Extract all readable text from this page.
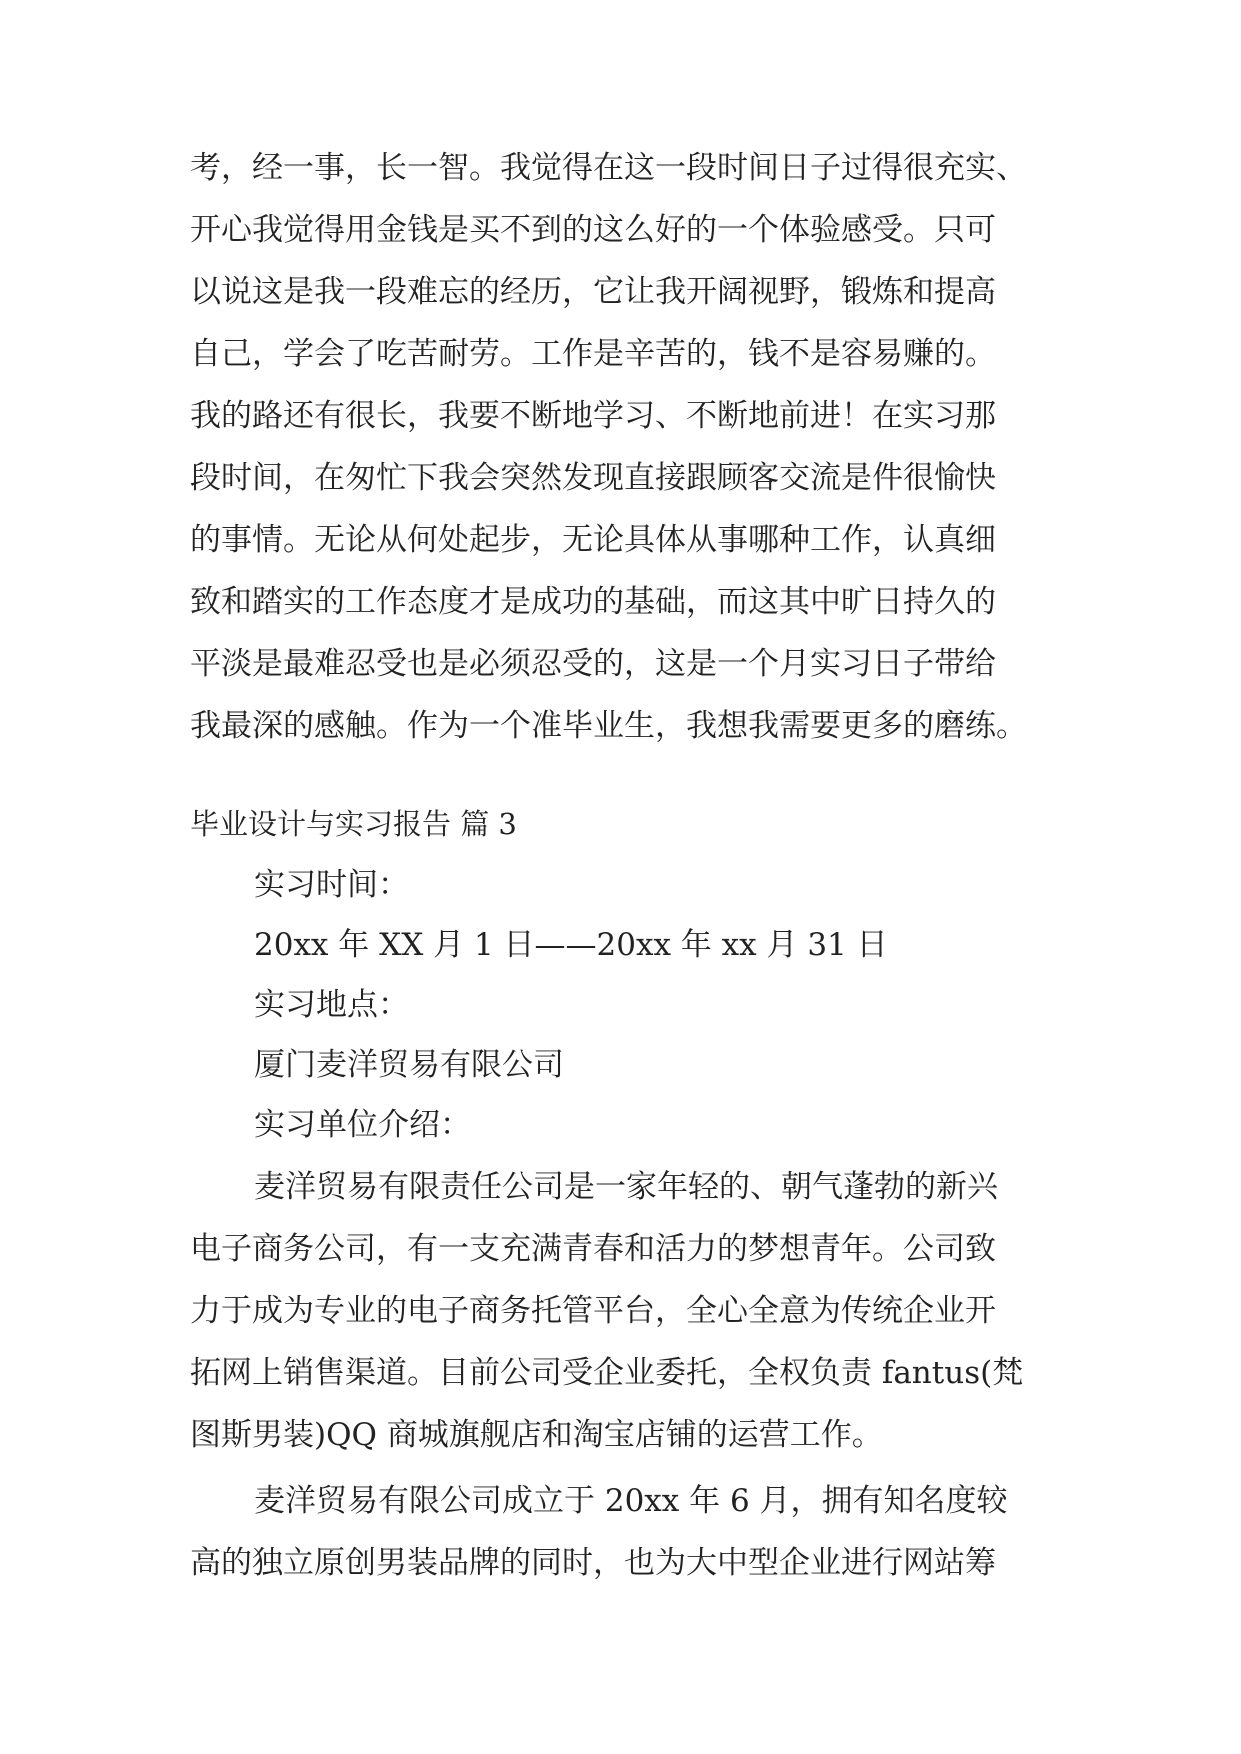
考，经一事，长一智。我觉得在这一段时间日子过得很充实、
开心我觉得用金钱是买不到的这么好的一个体验感受。只可
以说这是我一段难忘的经历，它让我开阔视野，锻炼和提高
自己，学会了吃苦耐劳。工作是辛苦的，钱不是容易赚的。
我的路还有很长，我要不断地学习、不断地前进！在实习那
段时间，在匆忙下我会突然发现直接跟顾客交流是件很愉快
的事情。无论从何处起步，无论具体从事哪种工作，认真细
致和踏实的工作态度才是成功的基础，而这其中旷日持久的
平淡是最难忍受也是必须忍受的，这是一个月实习日子带给
我最深的感触。作为一个准毕业生，我想我需要更多的磨练。
毕业设计与实习报告 篇 3
实习时间：
20xx 年 XX 月 1 日——20xx 年 xx 月 31 日
实习地点：
厦门麦洋贸易有限公司
实习单位介绍：
麦洋贸易有限责任公司是一家年轻的、朝气蓬勃的新兴
电子商务公司，有一支充满青春和活力的梦想青年。公司致
力于成为专业的电子商务托管平台，全心全意为传统企业开
拓网上销售渠道。目前公司受企业委托，全权负责 fantus(梵
图斯男装)QQ 商城旗舰店和淘宝店铺的运营工作。
麦洋贸易有限公司成立于 20xx 年 6 月，拥有知名度较
高的独立原创男装品牌的同时，也为大中型企业进行网站筹
